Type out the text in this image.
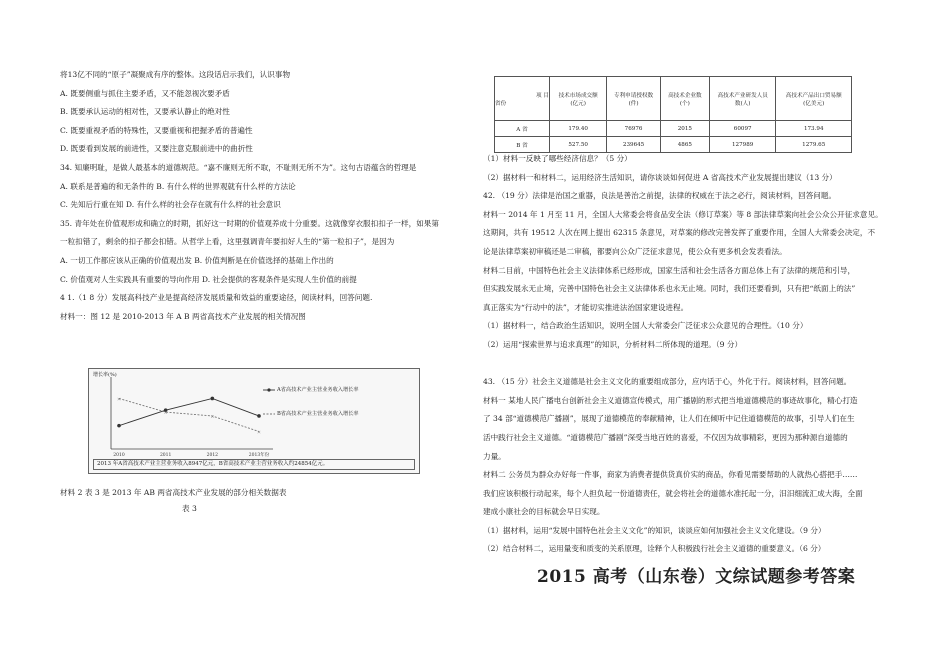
将13亿不同的“原子”凝聚成有序的整体。这段话启示我们，认识事物

A. 既要侧重与抓住主要矛盾，又不能忽视次要矛盾

B. 既要承认运动的相对性，又要承认静止的绝对性

C. 既要重视矛盾的特殊性，又要重视和把握矛盾的普遍性

D. 既要看到发展的前进性，又要注意克服前进中的曲折性

34. 知廉明耻，是做人最基本的道德规范。“嘉不廉则无所不取，不耻则无所不为”。这句古语蕴含的哲理是

A. 联系是普遍的和无条件的 B. 有什么样的世界观就有什么样的方法论

C. 先知后行重在知 D. 有什么样的社会存在就有什么样的社会意识

35. 青年处在价值观形成和确立的时期，抓好这一时期的价值观养成十分重要。这就像穿衣服扣扣子一样，如果第

一粒扣错了，剩余的扣子都会扣错。从哲学上看，这里强调青年要扣好人生的“第一粒扣子”，是因为

A. 一切工作都应该从正确的价值观出发 B. 价值判断是在价值选择的基础上作出的

C. 价值观对人生实践具有重要的导向作用 D. 社会提供的客观条件是实现人生价值的前提

4 1.（1 8 分）发展高科技产业是提高经济发展质量和效益的重要途径，阅读材料，回答问题.

材料一：图 12 是 2010-2013 年 A B 两省高技术产业发展的相关情况图

增长率(%)
2010	2011	2012	2013年份
×
×
×
×
A省高技术产业主营业务收入增长率
B省高技术产业主营业务收入增长率
2013 年A省高技术产业主营业务收入8947亿元，B省高技术产业主营业务收入约24854亿元。
材料 2 表 3 是 2013 年 AB 两省高技术产业发展的部分相关数据表
表 3
项 目
省份	技术市场成交额(亿元)	专利申请授权数(件)	高技术企业数(个)	高技术产业研发人员数(人)	高技术产品出口贸易额(亿美元)
A 省	179.40	76976	2015	60097	173.94
B 省	527.50	239645	4865	127989	1279.65

（1）材料一反映了哪些经济信息？（5 分）

（2）据材料一和材料二，运用经济生活知识，请你谈谈如何促进 A 省高技术产业发展提出建议（13 分）

42. （19 分）法律是治国之重器，良法是善治之前提，法律的权威在于法之必行，阅读材料，回答问题。

材料一 2014 年 1 月至 11 月，全国人大常委会将食品安全法（修订草案）等 8 部法律草案向社会公众公开征求意见。

这期间，共有 19512 人次在网上提出 62315 条意见，对草案的修改完善发挥了重要作用，全国人大常委会决定，不

论是法律草案初审稿还是二审稿，都要向公众广泛征求意见，使公众有更多机会发表看法。

材料二目前，中国特色社会主义法律体系已经形成，国家生活和社会生活各方面总体上有了法律的规范和引导，

但实践发展永无止境，完善中国特色社会主义法律体系也永无止境。同时，我们还要看到，只有把“纸面上的法”

真正落实为“行动中的法”，才能切实推进法治国家建设进程。

（1）据材料一，结合政治生活知识，说明全国人大常委会广泛征求公众意见的合理性。（10 分）

（2）运用“探索世界与追求真理”的知识，分析材料二所体现的道理。（9 分）

43. （15 分）社会主义道德是社会主义文化的重要组成部分，应内话于心，外化于行。阅读材料，回答问题。

材料一 某地人民广播电台创新社会主义道德宣传模式，用广播剧的形式把当地道德模范的事迹故事化，精心打造

了 34 部“道德模范广播剧”，展现了道德模范的奉献精神，让人们在倾听中记住道德模范的故事，引导人们在生

活中践行社会主义道德。“道德模范广播剧”深受当地百姓的喜爱，不仅因为故事精彩，更因为那种源自道德的

力量。

材料二 公务员为群众办好每一件事，商家为消费者提供货真价实的商品，你看见需要帮助的人就热心搭把手……

我们应该积极行动起来，每个人担负起一份道德责任，就会将社会的道德水准托起一分，汨汨细流汇成大海，全面

建成小康社会的目标就会早日实现。

（1）据材料，运用“发展中国特色社会主义文化”的知识，谈谈应如何加强社会主义文化建设。（9 分）

（2）结合材料二，运用量变和质变的关系原理，诠释个人积极践行社会主义道德的重要意义。（6 分）

2015 高考（山东卷）文综试题参考答案
